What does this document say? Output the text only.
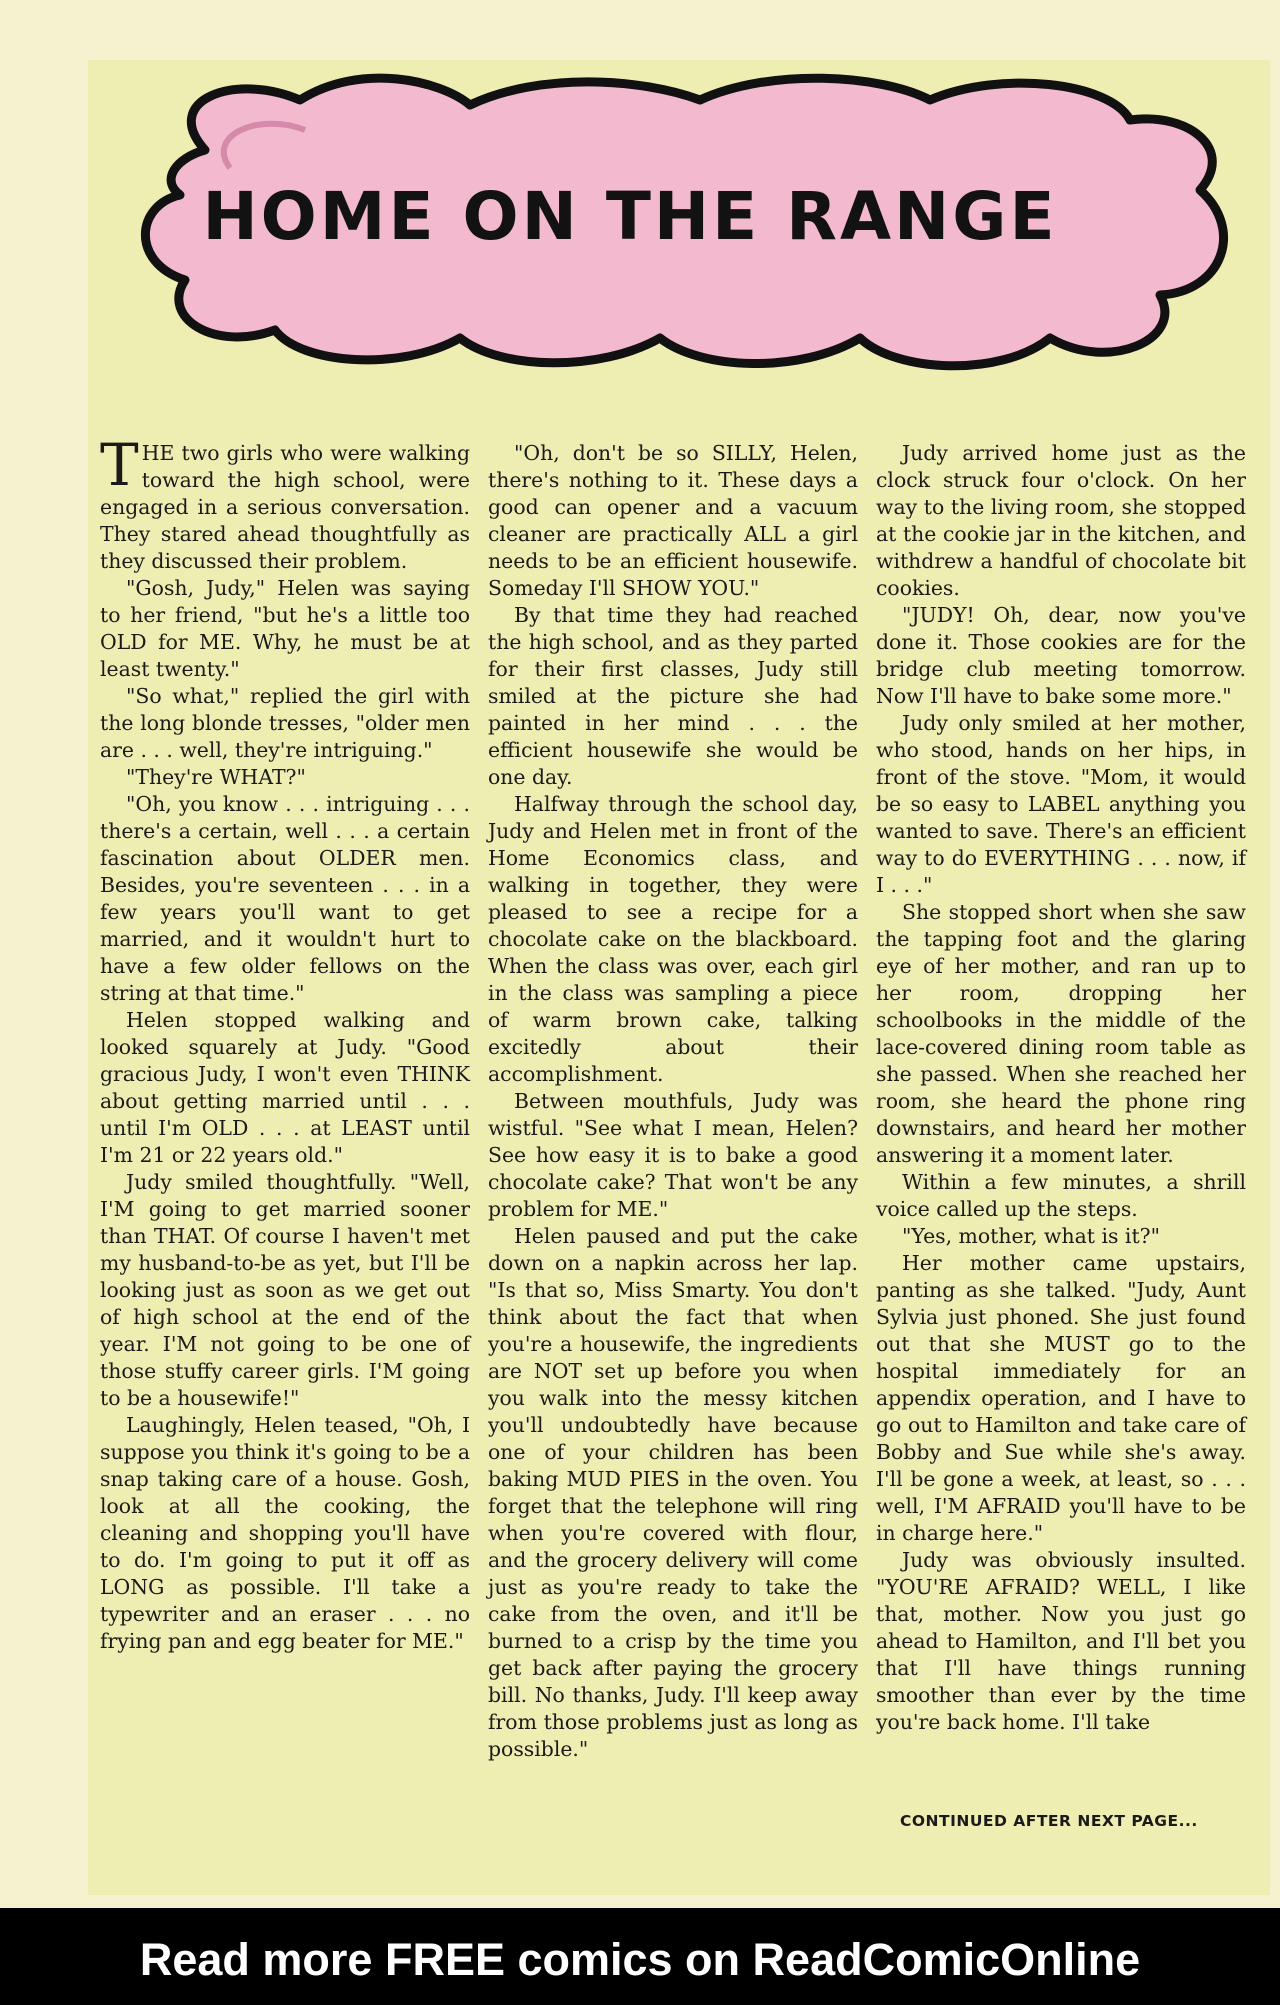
HOME ON THE RANGE

THE two girls who were walking toward the high school, were engaged in a serious conversation. They stared ahead thoughtfully as they discussed their problem.

"Gosh, Judy," Helen was saying to her friend, "but he's a little too OLD for ME. Why, he must be at least twenty."

"So what," replied the girl with the long blonde tresses, "older men are . . . well, they're intriguing."

"They're WHAT?"

"Oh, you know . . . intriguing . . . there's a certain, well . . . a certain fascination about OLDER men. Besides, you're seventeen . . . in a few years you'll want to get married, and it wouldn't hurt to have a few older fellows on the string at that time."

Helen stopped walking and looked squarely at Judy. "Good gracious Judy, I won't even THINK about getting married until . . . until I'm OLD . . . at LEAST until I'm 21 or 22 years old."

Judy smiled thoughtfully. "Well, I'M going to get married sooner than THAT. Of course I haven't met my husband-to-be as yet, but I'll be looking just as soon as we get out of high school at the end of the year. I'M not going to be one of those stuffy career girls. I'M going to be a housewife!"

Laughingly, Helen teased, "Oh, I suppose you think it's going to be a snap taking care of a house. Gosh, look at all the cooking, the cleaning and shopping you'll have to do. I'm going to put it off as LONG as possible. I'll take a typewriter and an eraser . . . no frying pan and egg beater for ME."

"Oh, don't be so SILLY, Helen, there's nothing to it. These days a good can opener and a vacuum cleaner are practically ALL a girl needs to be an efficient housewife. Someday I'll SHOW YOU."

By that time they had reached the high school, and as they parted for their first classes, Judy still smiled at the picture she had painted in her mind . . . the efficient housewife she would be one day.

Halfway through the school day, Judy and Helen met in front of the Home Economics class, and walking in together, they were pleased to see a recipe for a chocolate cake on the blackboard. When the class was over, each girl in the class was sampling a piece of warm brown cake, talking excitedly about their accomplishment.

Between mouthfuls, Judy was wistful. "See what I mean, Helen? See how easy it is to bake a good chocolate cake? That won't be any problem for ME."

Helen paused and put the cake down on a napkin across her lap. "Is that so, Miss Smarty. You don't think about the fact that when you're a housewife, the ingredients are NOT set up before you when you walk into the messy kitchen you'll undoubtedly have because one of your children has been baking MUD PIES in the oven. You forget that the telephone will ring when you're covered with flour, and the grocery delivery will come just as you're ready to take the cake from the oven, and it'll be burned to a crisp by the time you get back after paying the grocery bill. No thanks, Judy. I'll keep away from those problems just as long as possible."

Judy arrived home just as the clock struck four o'clock. On her way to the living room, she stopped at the cookie jar in the kitchen, and withdrew a handful of chocolate bit cookies.

"JUDY! Oh, dear, now you've done it. Those cookies are for the bridge club meeting tomorrow. Now I'll have to bake some more."

Judy only smiled at her mother, who stood, hands on her hips, in front of the stove. "Mom, it would be so easy to LABEL anything you wanted to save. There's an efficient way to do EVERYTHING . . . now, if I . . ."

She stopped short when she saw the tapping foot and the glaring eye of her mother, and ran up to her room, dropping her schoolbooks in the middle of the lace-covered dining room table as she passed. When she reached her room, she heard the phone ring downstairs, and heard her mother answering it a moment later.

Within a few minutes, a shrill voice called up the steps.

"Yes, mother, what is it?"

Her mother came upstairs, panting as she talked. "Judy, Aunt Sylvia just phoned. She just found out that she MUST go to the hospital immediately for an appendix operation, and I have to go out to Hamilton and take care of Bobby and Sue while she's away. I'll be gone a week, at least, so . . . well, I'M AFRAID you'll have to be in charge here."

Judy was obviously insulted. "YOU'RE AFRAID? WELL, I like that, mother. Now you just go ahead to Hamilton, and I'll bet you that I'll have things running smoother than ever by the time you're back home. I'll take

CONTINUED AFTER NEXT PAGE...
Read more FREE comics on ReadComicOnline
